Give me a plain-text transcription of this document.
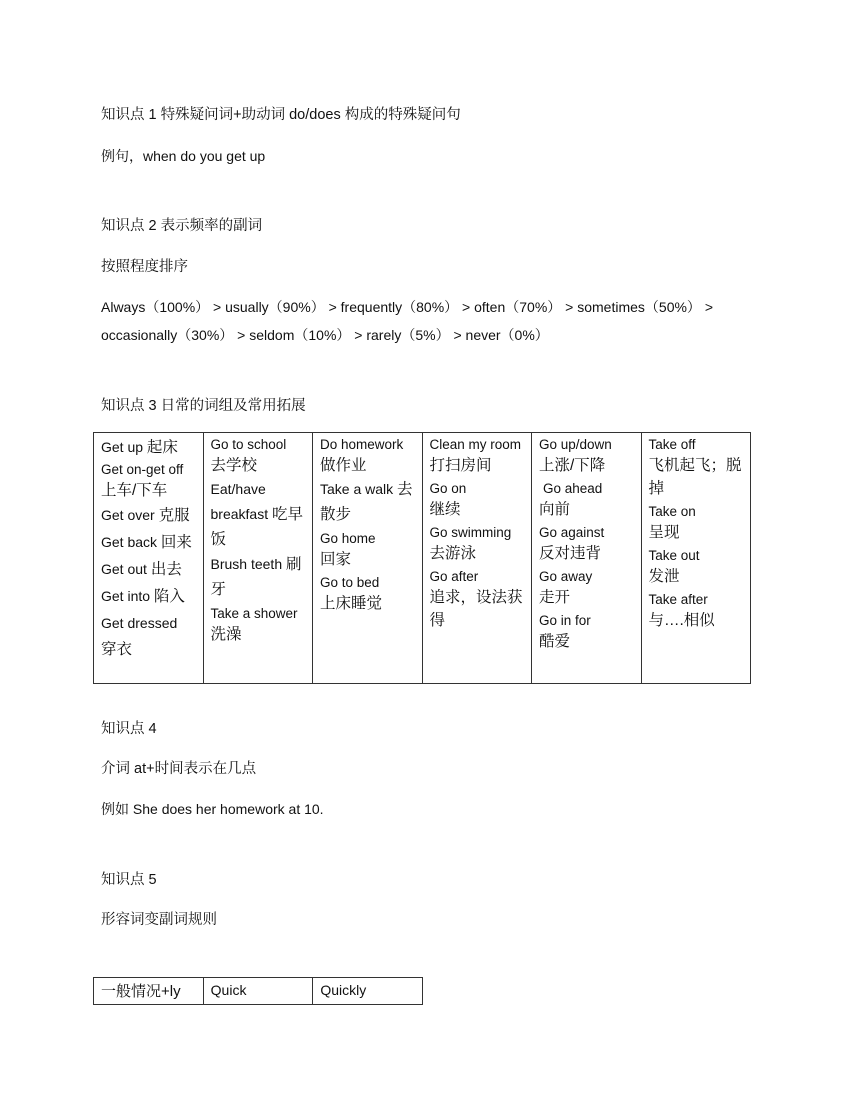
知识点 1 特殊疑问词+助动词 do/does 构成的特殊疑问句
例句，when do you get up
知识点 2 表示频率的副词
按照程度排序
Always（100%） > usually（90%） > frequently（80%） > often（70%） > sometimes（50%） >
occasionally（30%） > seldom（10%） > rarely（5%） > never（0%）
知识点 3 日常的词组及常用拓展
Get up 起床
Get on-get off
上车/下车
Get over 克服
Get back 回来
Get out 出去
Get into 陷入
Get dressed 穿衣

Go to school
去学校
Eat/have breakfast 吃早饭
Brush teeth 刷牙
Take a shower
洗澡

Do homework
做作业
Take a walk 去散步
Go home
回家
Go to bed
上床睡觉

Clean my room
打扫房间
Go on
继续
Go swimming
去游泳
Go after
追求，设法获得

Go up/down
上涨/下降
Go ahead
向前
Go against
反对违背
Go away
走开
Go in for
酷爱

Take off
飞机起飞；脱掉
Take on
呈现
Take out
发泄
Take after
与….相似
知识点 4
介词 at+时间表示在几点
例如 She does her homework at 10.
知识点 5
形容词变副词规则
一般情况+ly	Quick	Quickly
